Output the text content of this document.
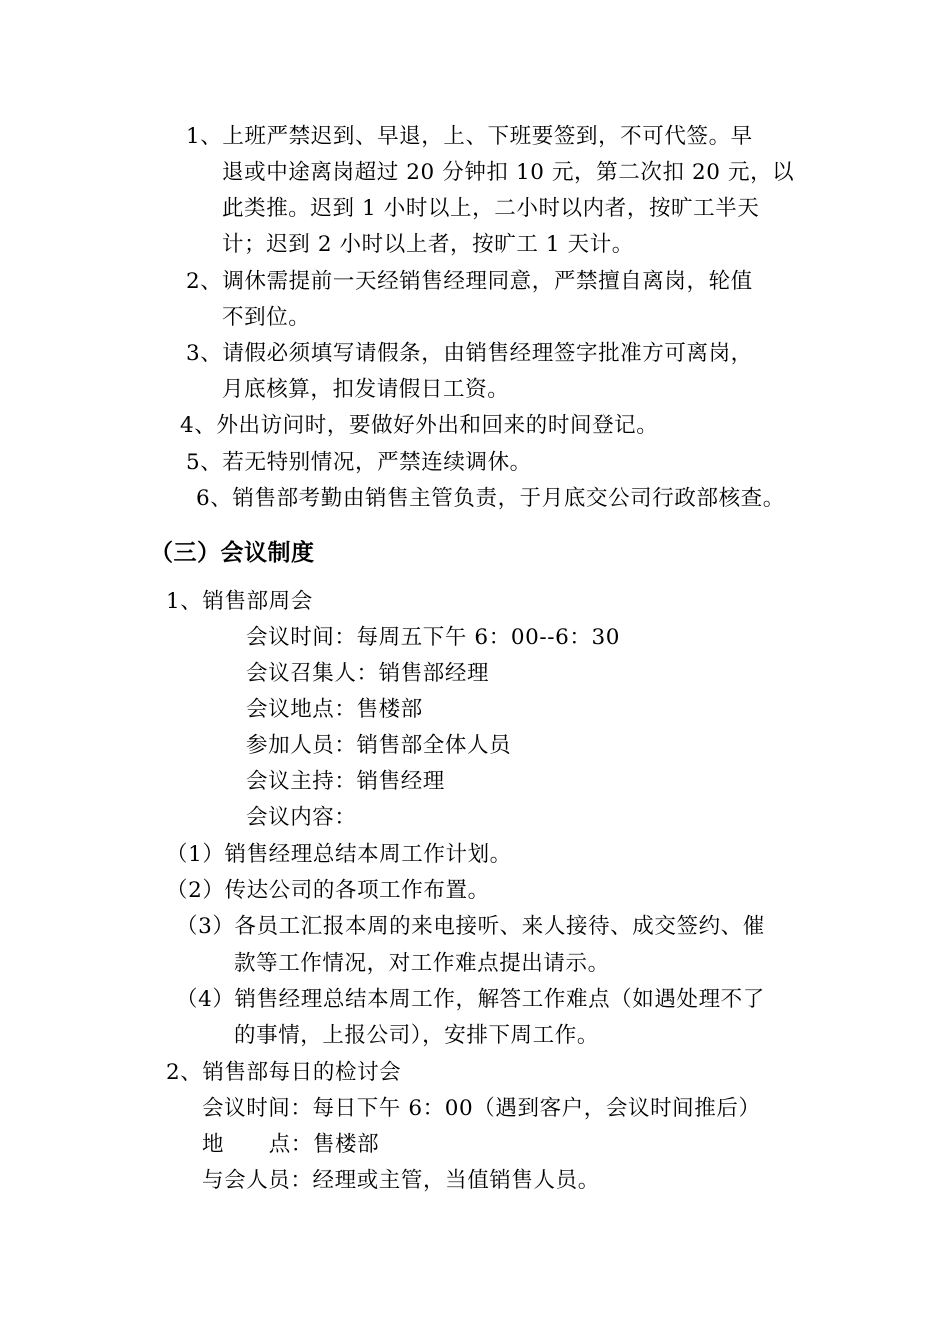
1、上班严禁迟到、早退，上、下班要签到，不可代签。早
退或中途离岗超过 20 分钟扣 10 元，第二次扣 20 元，以
此类推。迟到 1 小时以上，二小时以内者，按旷工半天
计；迟到 2 小时以上者，按旷工 1 天计。
2、调休需提前一天经销售经理同意，严禁擅自离岗，轮值
不到位。
3、请假必须填写请假条，由销售经理签字批准方可离岗，
月底核算，扣发请假日工资。
4、外出访问时，要做好外出和回来的时间登记。
5、若无特别情况，严禁连续调休。
6、销售部考勤由销售主管负责，于月底交公司行政部核查。
（三）会议制度
1、销售部周会
会议时间：每周五下午 6：00--6：30
会议召集人：销售部经理
会议地点：售楼部
参加人员：销售部全体人员
会议主持：销售经理
会议内容：
（1）销售经理总结本周工作计划。
（2）传达公司的各项工作布置。
（3）各员工汇报本周的来电接听、来人接待、成交签约、催
款等工作情况，对工作难点提出请示。
（4）销售经理总结本周工作，解答工作难点（如遇处理不了
的事情，上报公司），安排下周工作。
2、销售部每日的检讨会
会议时间：每日下午 6：00（遇到客户，会议时间推后）
地      点：售楼部
与会人员：经理或主管，当值销售人员。
